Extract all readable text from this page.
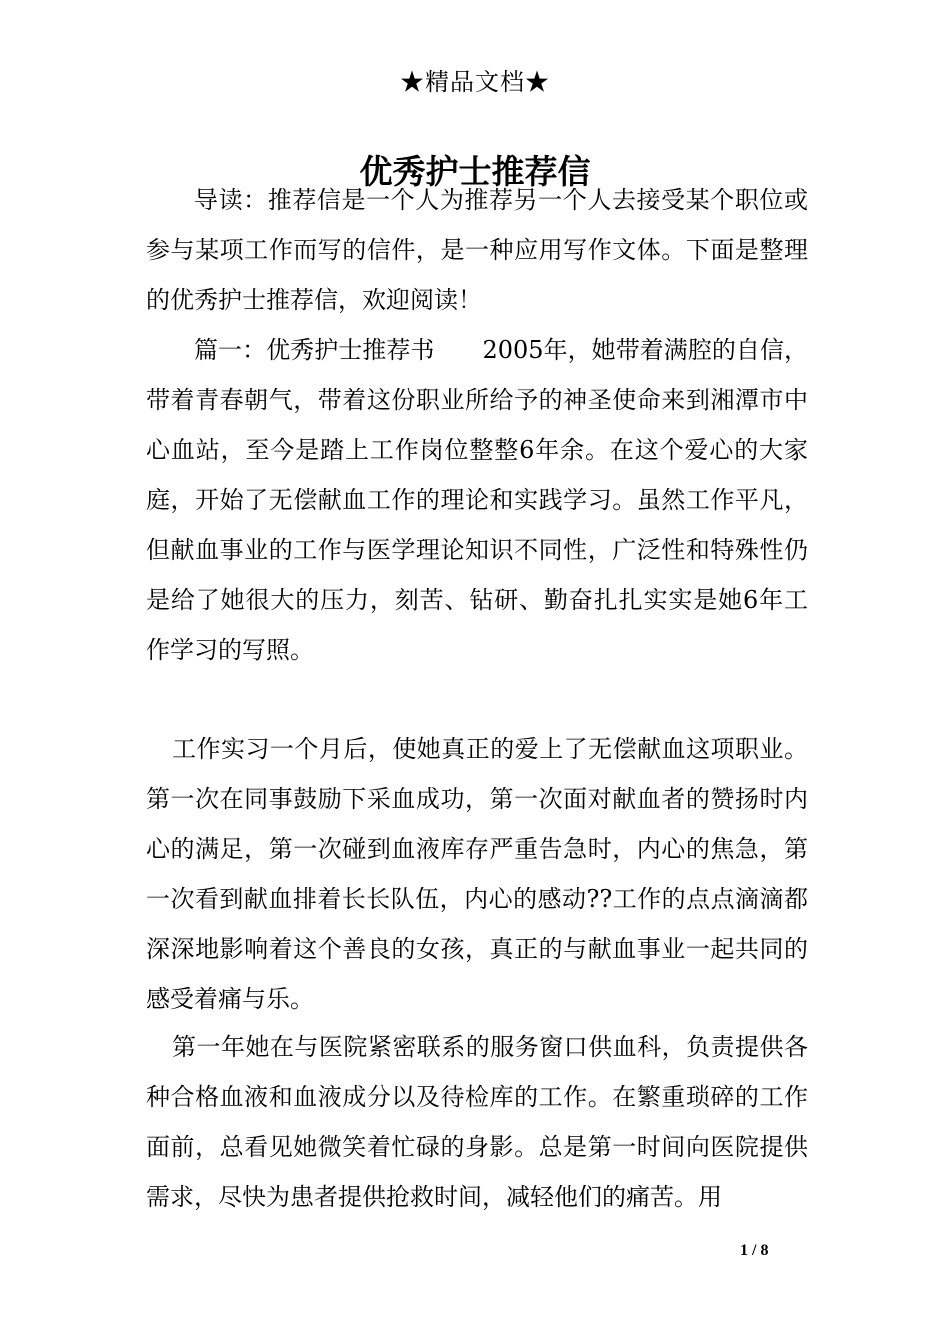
★精品文档★
优秀护士推荐信

导读：推荐信是一个人为推荐另一个人去接受某个职位或参与某项工作而写的信件，是一种应用写作文体。下面是整理的优秀护士推荐信，欢迎阅读！

篇一：优秀护士推荐书　　2005年，她带着满腔的自信，带着青春朝气，带着这份职业所给予的神圣使命来到湘潭市中心血站，至今是踏上工作岗位整整6年余。在这个爱心的大家庭，开始了无偿献血工作的理论和实践学习。虽然工作平凡，但献血事业的工作与医学理论知识不同性，广泛性和特殊性仍是给了她很大的压力，刻苦、钻研、勤奋扎扎实实是她6年工作学习的写照。

工作实习一个月后，使她真正的爱上了无偿献血这项职业。第一次在同事鼓励下采血成功，第一次面对献血者的赞扬时内心的满足，第一次碰到血液库存严重告急时，内心的焦急，第一次看到献血排着长长队伍，内心的感动??工作的点点滴滴都深深地影响着这个善良的女孩，真正的与献血事业一起共同的感受着痛与乐。

第一年她在与医院紧密联系的服务窗口供血科，负责提供各种合格血液和血液成分以及待检库的工作。在繁重琐碎的工作面前，总看见她微笑着忙碌的身影。总是第一时间向医院提供需求，尽快为患者提供抢救时间，减轻他们的痛苦。用

1 / 8
